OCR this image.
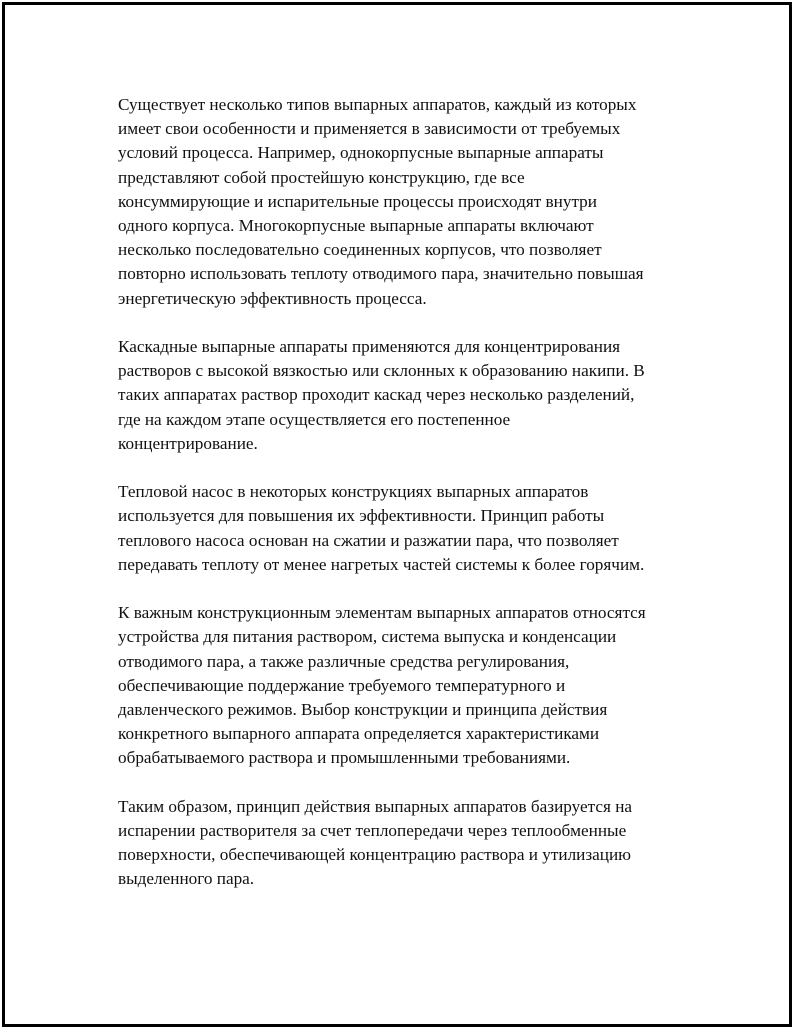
Существует несколько типов выпарных аппаратов, каждый из которых
имеет свои особенности и применяется в зависимости от требуемых
условий процесса. Например, однокорпусные выпарные аппараты
представляют собой простейшую конструкцию, где все
консуммирующие и испарительные процессы происходят внутри
одного корпуса. Многокорпусные выпарные аппараты включают
несколько последовательно соединенных корпусов, что позволяет
повторно использовать теплоту отводимого пара, значительно повышая
энергетическую эффективность процесса.

Каскадные выпарные аппараты применяются для концентрирования
растворов с высокой вязкостью или склонных к образованию накипи. В
таких аппаратах раствор проходит каскад через несколько разделений,
где на каждом этапе осуществляется его постепенное
концентрирование.

Тепловой насос в некоторых конструкциях выпарных аппаратов
используется для повышения их эффективности. Принцип работы
теплового насоса основан на сжатии и разжатии пара, что позволяет
передавать теплоту от менее нагретых частей системы к более горячим.

К важным конструкционным элементам выпарных аппаратов относятся
устройства для питания раствором, система выпуска и конденсации
отводимого пара, а также различные средства регулирования,
обеспечивающие поддержание требуемого температурного и
давленческого режимов. Выбор конструкции и принципа действия
конкретного выпарного аппарата определяется характеристиками
обрабатываемого раствора и промышленными требованиями.

Таким образом, принцип действия выпарных аппаратов базируется на
испарении растворителя за счет теплопередачи через теплообменные
поверхности, обеспечивающей концентрацию раствора и утилизацию
выделенного пара.
